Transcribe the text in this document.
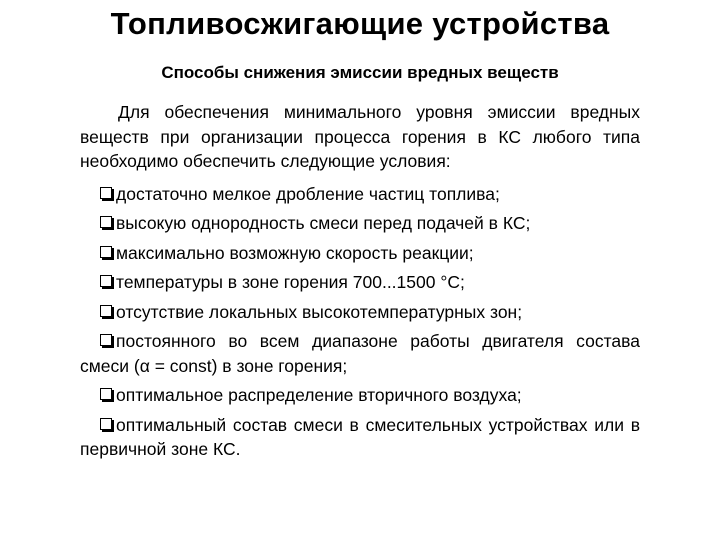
Топливосжигающие устройства
Способы снижения эмиссии вредных веществ

Для обеспечения минимального уровня эмиссии вредных веществ при организации процесса горения в КС любого типа необходимо обеспечить следующие условия:

достаточно мелкое дробление частиц топлива;
высокую однородность смеси перед подачей в КС;
максимально возможную скорость реакции;
температуры в зоне горения 700...1500 °С;
отсутствие локальных высокотемпературных зон;
постоянного во всем диапазоне работы двигателя состава смеси (α = const) в зоне горения;
оптимальное распределение вторичного воздуха;
оптимальный состав смеси в смесительных устройствах или в первичной зоне КС.
